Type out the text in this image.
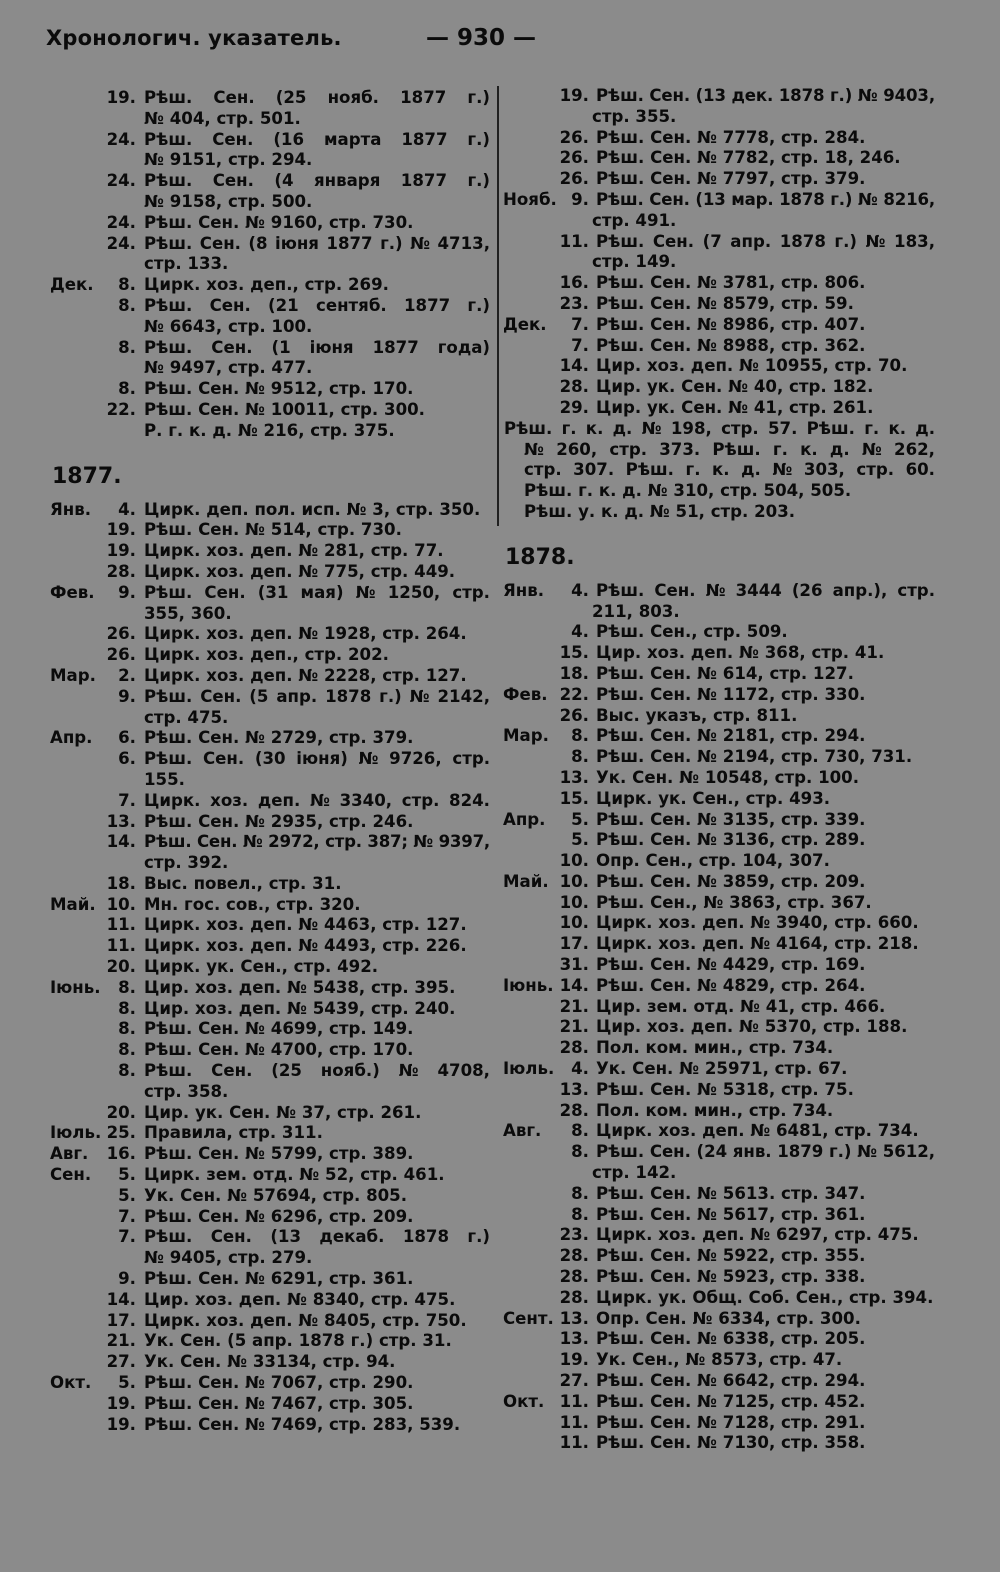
Хронологич. указатель.	— 930 —
19. Рѣш. Сен. (25 нояб. 1877 г.)
№ 404, стр. 501.
24. Рѣш. Сен. (16 марта 1877 г.)
№ 9151, стр. 294.
24. Рѣш. Сен. (4 января 1877 г.)
№ 9158, стр. 500.
24. Рѣш. Сен. № 9160, стр. 730.
24. Рѣш. Сен. (8 іюня 1877 г.) № 4713,
стр. 133.
Дек.	8. Цирк. хоз. деп., стр. 269.
8. Рѣш. Сен. (21 сентяб. 1877 г.)
№ 6643, стр. 100.
8. Рѣш. Сен. (1 іюня 1877 года)
№ 9497, стр. 477.
8. Рѣш. Сен. № 9512, стр. 170.
22. Рѣш. Сен. № 10011, стр. 300.
Р. г. к. д. № 216, стр. 375.
1877.
Янв.	4. Цирк. деп. пол. исп. № 3, стр. 350.
19. Рѣш. Сен. № 514, стр. 730.
19. Цирк. хоз. деп. № 281, стр. 77.
28. Цирк. хоз. деп. № 775, стр. 449.
Фев.	9. Рѣш. Сен. (31 мая) № 1250, стр.
355, 360.
26. Цирк. хоз. деп. № 1928, стр. 264.
26. Цирк. хоз. деп., стр. 202.
Мар.	2. Цирк. хоз. деп. № 2228, стр. 127.
9. Рѣш. Сен. (5 апр. 1878 г.) № 2142,
стр. 475.
Апр.	6. Рѣш. Сен. № 2729, стр. 379.
6. Рѣш. Сен. (30 іюня) № 9726, стр.
155.
7. Цирк. хоз. деп. № 3340, стр. 824.
13. Рѣш. Сен. № 2935, стр. 246.
14. Рѣш. Сен. № 2972, стр. 387; № 9397,
стр. 392.
18. Выс. повел., стр. 31.
Май. 10. Мн. гос. сов., стр. 320.
11. Цирк. хоз. деп. № 4463, стр. 127.
11. Цирк. хоз. деп. № 4493, стр. 226.
20. Цирк. ук. Сен., стр. 492.
Іюнь.	8. Цир. хоз. деп. № 5438, стр. 395.
8. Цир. хоз. деп. № 5439, стр. 240.
8. Рѣш. Сен. № 4699, стр. 149.
8. Рѣш. Сен. № 4700, стр. 170.
8. Рѣш. Сен. (25 нояб.) № 4708,
стр. 358.
20. Цир. ук. Сен. № 37, стр. 261.
Іюль. 25. Правила, стр. 311.
Авг.	16. Рѣш. Сен. № 5799, стр. 389.
Сен.	5. Цирк. зем. отд. № 52, стр. 461.
5. Ук. Сен. № 57694, стр. 805.
7. Рѣш. Сен. № 6296, стр. 209.
7. Рѣш. Сен. (13 декаб. 1878 г.)
№ 9405, стр. 279.
9. Рѣш. Сен. № 6291, стр. 361.
14. Цир. хоз. деп. № 8340, стр. 475.
17. Цирк. хоз. деп. № 8405, стр. 750.
21. Ук. Сен. (5 апр. 1878 г.) стр. 31.
27. Ук. Сен. № 33134, стр. 94.
Окт.	5. Рѣш. Сен. № 7067, стр. 290.
19. Рѣш. Сен. № 7467, стр. 305.
19. Рѣш. Сен. № 7469, стр. 283, 539.
19. Рѣш. Сен. (13 дек. 1878 г.) № 9403,
стр. 355.
26. Рѣш. Сен. № 7778, стр. 284.
26. Рѣш. Сен. № 7782, стр. 18, 246.
26. Рѣш. Сен. № 7797, стр. 379.
Нояб. 9. Рѣш. Сен. (13 мар. 1878 г.) № 8216,
стр. 491.
11. Рѣш. Сен. (7 апр. 1878 г.) № 183,
стр. 149.
16. Рѣш. Сен. № 3781, стр. 806.
23. Рѣш. Сен. № 8579, стр. 59.
Дек.	7. Рѣш. Сен. № 8986, стр. 407.
7. Рѣш. Сен. № 8988, стр. 362.
14. Цир. хоз. деп. № 10955, стр. 70.
28. Цир. ук. Сен. № 40, стр. 182.
29. Цир. ук. Сен. № 41, стр. 261.
Рѣш. г. к. д. № 198, стр. 57. Рѣш. г. к. д.
№ 260, стр. 373. Рѣш. г. к. д. № 262,
стр. 307. Рѣш. г. к. д. № 303, стр. 60.
Рѣш. г. к. д. № 310, стр. 504, 505.
Рѣш. у. к. д. № 51, стр. 203.
1878.
Янв.	4. Рѣш. Сен. № 3444 (26 апр.), стр.
211, 803.
4. Рѣш. Сен., стр. 509.
15. Цир. хоз. деп. № 368, стр. 41.
18. Рѣш. Сен. № 614, стр. 127.
Фев. 22. Рѣш. Сен. № 1172, стр. 330.
26. Выс. указъ, стр. 811.
Мар.	8. Рѣш. Сен. № 2181, стр. 294.
8. Рѣш. Сен. № 2194, стр. 730, 731.
13. Ук. Сен. № 10548, стр. 100.
15. Цирк. ук. Сен., стр. 493.
Апр.	5. Рѣш. Сен. № 3135, стр. 339.
5. Рѣш. Сен. № 3136, стр. 289.
10. Опр. Сен., стр. 104, 307.
Май. 10. Рѣш. Сен. № 3859, стр. 209.
10. Рѣш. Сен., № 3863, стр. 367.
10. Цирк. хоз. деп. № 3940, стр. 660.
17. Цирк. хоз. деп. № 4164, стр. 218.
31. Рѣш. Сен. № 4429, стр. 169.
Іюнь. 14. Рѣш. Сен. № 4829, стр. 264.
21. Цир. зем. отд. № 41, стр. 466.
21. Цир. хоз. деп. № 5370, стр. 188.
28. Пол. ком. мин., стр. 734.
Іюль.	4. Ук. Сен. № 25971, стр. 67.
13. Рѣш. Сен. № 5318, стр. 75.
28. Пол. ком. мин., стр. 734.
Авг.	8. Цирк. хоз. деп. № 6481, стр. 734.
8. Рѣш. Сен. (24 янв. 1879 г.) № 5612,
стр. 142.
8. Рѣш. Сен. № 5613. стр. 347.
8. Рѣш. Сен. № 5617, стр. 361.
23. Цирк. хоз. деп. № 6297, стр. 475.
28. Рѣш. Сен. № 5922, стр. 355.
28. Рѣш. Сен. № 5923, стр. 338.
28. Цирк. ук. Общ. Соб. Сен., стр. 394.
Сент. 13. Опр. Сен. № 6334, стр. 300.
13. Рѣш. Сен. № 6338, стр. 205.
19. Ук. Сен., № 8573, стр. 47.
27. Рѣш. Сен. № 6642, стр. 294.
Окт. 11. Рѣш. Сен. № 7125, стр. 452.
11. Рѣш. Сен. № 7128, стр. 291.
11. Рѣш. Сен. № 7130, стр. 358.
